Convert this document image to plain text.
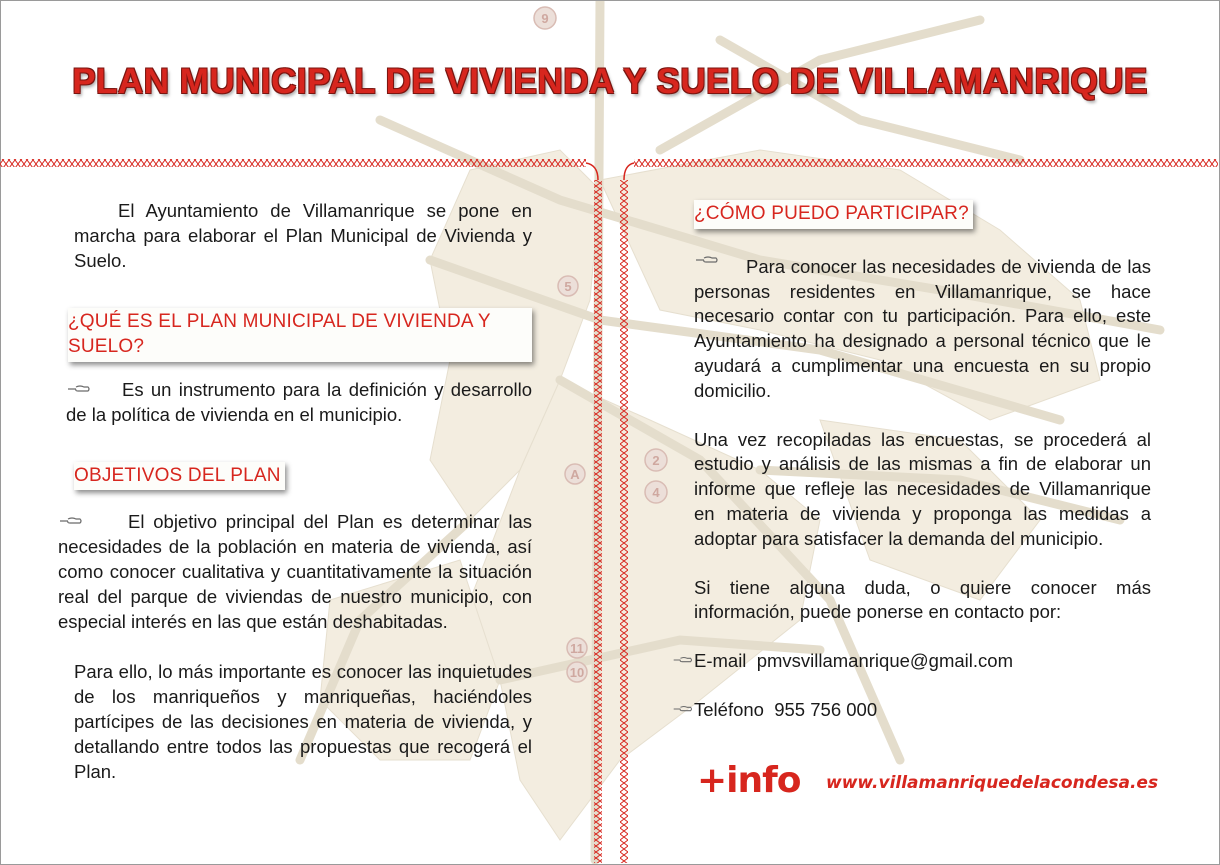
9
5
2
4
A
11
10
PLAN MUNICIPAL DE VIVIENDA Y SUELO DE VILLAMANRIQUE

El Ayuntamiento de Villamanrique se pone en marcha para elaborar el Plan Municipal de Vivienda y Suelo.

¿QUÉ ES EL PLAN MUNICIPAL DE VIVIENDA Y SUELO?

Es un instrumento para la definición y desarrollo de la política de vivienda en el municipio.

OBJETIVOS DEL PLAN

El objetivo principal del Plan es determinar las necesidades de la población en materia de vivienda, así como conocer cualitativa y cuantitativamente la situación real del parque de viviendas de nuestro municipio, con especial interés en las que están deshabitadas.

Para ello, lo más importante es conocer las inquietudes de los manriqueños y manriqueñas, haciéndoles partícipes de las decisiones en materia de vivienda, y detallando entre todos las propuestas que recogerá el Plan.

¿CÓMO PUEDO PARTICIPAR?

Para conocer las necesidades de vivienda de las personas residentes en Villamanrique, se hace necesario contar con tu participación. Para ello, este Ayuntamiento ha designado a personal técnico que le ayudará a cumplimentar una encuesta en su propio domicilio.

Una vez recopiladas las encuestas, se procederá al estudio y análisis de las mismas a fin de elaborar un informe que refleje las necesidades de Villamanrique en materia de vivienda y proponga las medidas a adoptar para satisfacer la demanda del municipio.

Si tiene alguna duda, o quiere conocer más información, puede ponerse en contacto por:

E-mail pmvsvillamanrique@gmail.com

Teléfono 955 756 000

+info www.villamanriquedelacondesa.es
